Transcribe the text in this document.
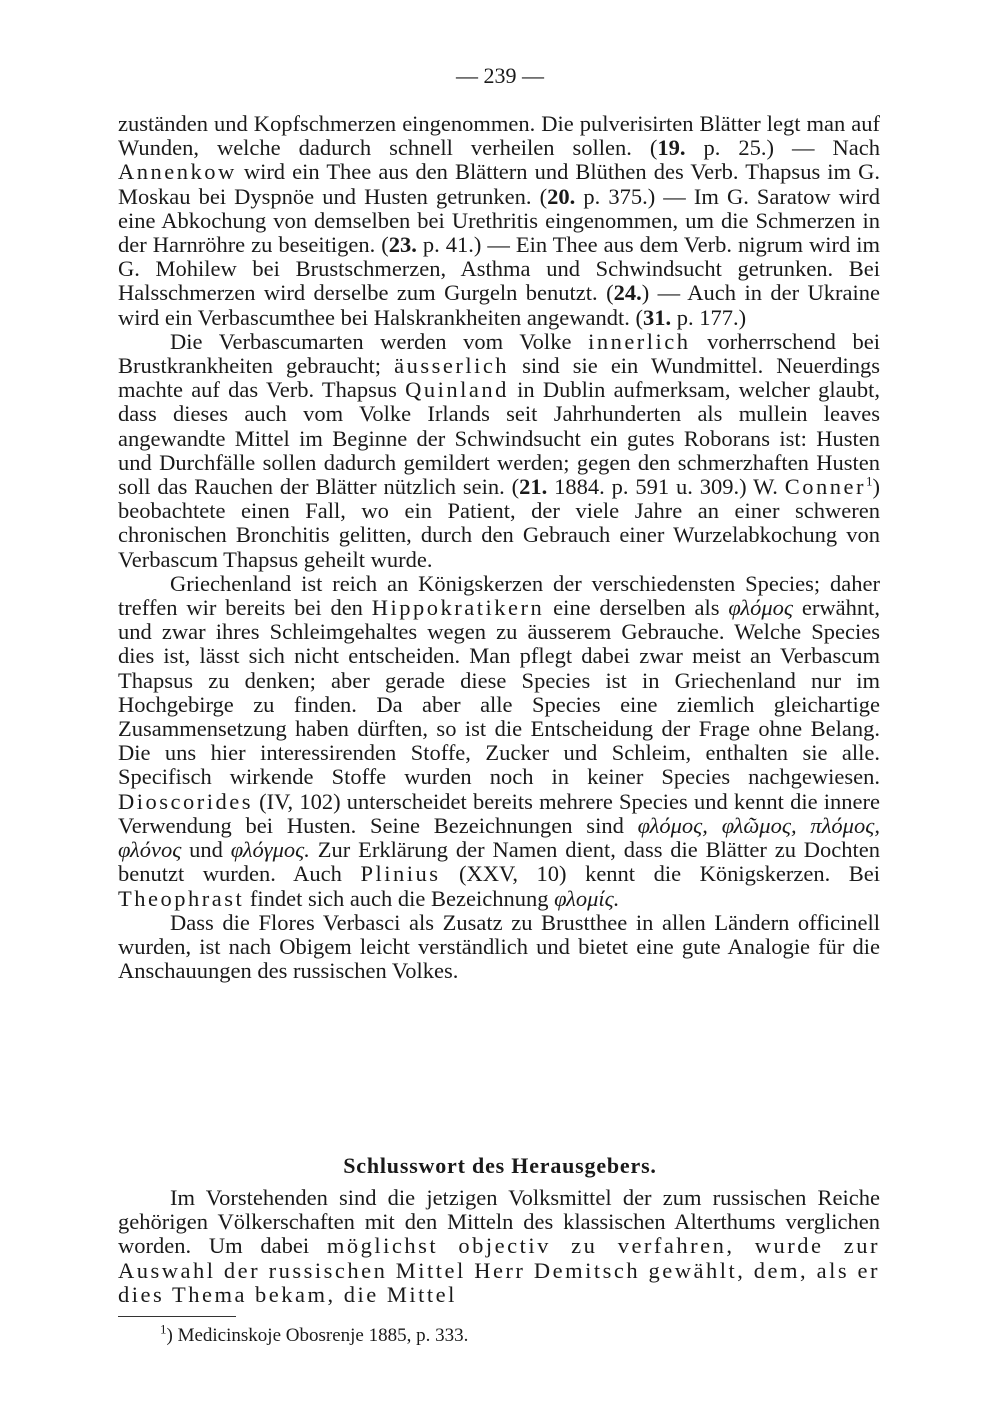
— 239 —

zuständen und Kopfschmerzen eingenommen. Die pulverisirten Blätter legt man auf Wunden, welche dadurch schnell verheilen sollen. (19. p. 25.) — Nach Annenkow wird ein Thee aus den Blättern und Blüthen des Verb. Thapsus im G. Moskau bei Dyspnöe und Husten getrunken. (20. p. 375.) — Im G. Saratow wird eine Abkochung von demselben bei Urethritis eingenommen, um die Schmerzen in der Harnröhre zu beseitigen. (23. p. 41.) — Ein Thee aus dem Verb. nigrum wird im G. Mohilew bei Brustschmerzen, Asthma und Schwindsucht getrunken. Bei Halsschmerzen wird derselbe zum Gurgeln benutzt. (24.) — Auch in der Ukraine wird ein Verbascumthee bei Halskrankheiten angewandt. (31. p. 177.)

Die Verbascumarten werden vom Volke innerlich vorherrschend bei Brustkrankheiten gebraucht; äusserlich sind sie ein Wundmittel. Neuerdings machte auf das Verb. Thapsus Quinland in Dublin aufmerksam, welcher glaubt, dass dieses auch vom Volke Irlands seit Jahrhunderten als mullein leaves angewandte Mittel im Beginne der Schwindsucht ein gutes Roborans ist: Husten und Durchfälle sollen dadurch gemildert werden; gegen den schmerzhaften Husten soll das Rauchen der Blätter nützlich sein. (21. 1884. p. 591 u. 309.) W. Conner$^1$) beobachtete einen Fall, wo ein Patient, der viele Jahre an einer schweren chronischen Bronchitis gelitten, durch den Gebrauch einer Wurzelabkochung von Verbascum Thapsus geheilt wurde.

Griechenland ist reich an Königskerzen der verschiedensten Species; daher treffen wir bereits bei den Hippokratikern eine derselben als φλόμος erwähnt, und zwar ihres Schleimgehaltes wegen zu äusserem Gebrauche. Welche Species dies ist, lässt sich nicht entscheiden. Man pflegt dabei zwar meist an Verbascum Thapsus zu denken; aber gerade diese Species ist in Griechenland nur im Hochgebirge zu finden. Da aber alle Species eine ziemlich gleichartige Zusammensetzung haben dürften, so ist die Entscheidung der Frage ohne Belang. Die uns hier interessirenden Stoffe, Zucker und Schleim, enthalten sie alle. Specifisch wirkende Stoffe wurden noch in keiner Species nachgewiesen. Dioscorides (IV, 102) unterscheidet bereits mehrere Species und kennt die innere Verwendung bei Husten. Seine Bezeichnungen sind φλόμος, φλῶμος, πλόμος, φλόνος und φλόγμος. Zur Erklärung der Namen dient, dass die Blätter zu Dochten benutzt wurden. Auch Plinius (XXV, 10) kennt die Königskerzen. Bei Theophrast findet sich auch die Bezeichnung φλομίς.

Dass die Flores Verbasci als Zusatz zu Brustthee in allen Ländern officinell wurden, ist nach Obigem leicht verständlich und bietet eine gute Analogie für die Anschauungen des russischen Volkes.

Schlusswort des Herausgebers.

Im Vorstehenden sind die jetzigen Volksmittel der zum russischen Reiche gehörigen Völkerschaften mit den Mitteln des klassischen Alterthums verglichen worden. Um dabei möglichst objectiv zu verfahren, wurde zur Auswahl der russischen Mittel Herr Demitsch gewählt, dem, als er dies Thema bekam, die Mittel

$^1$) Medicinskoje Obosrenje 1885, p. 333.
